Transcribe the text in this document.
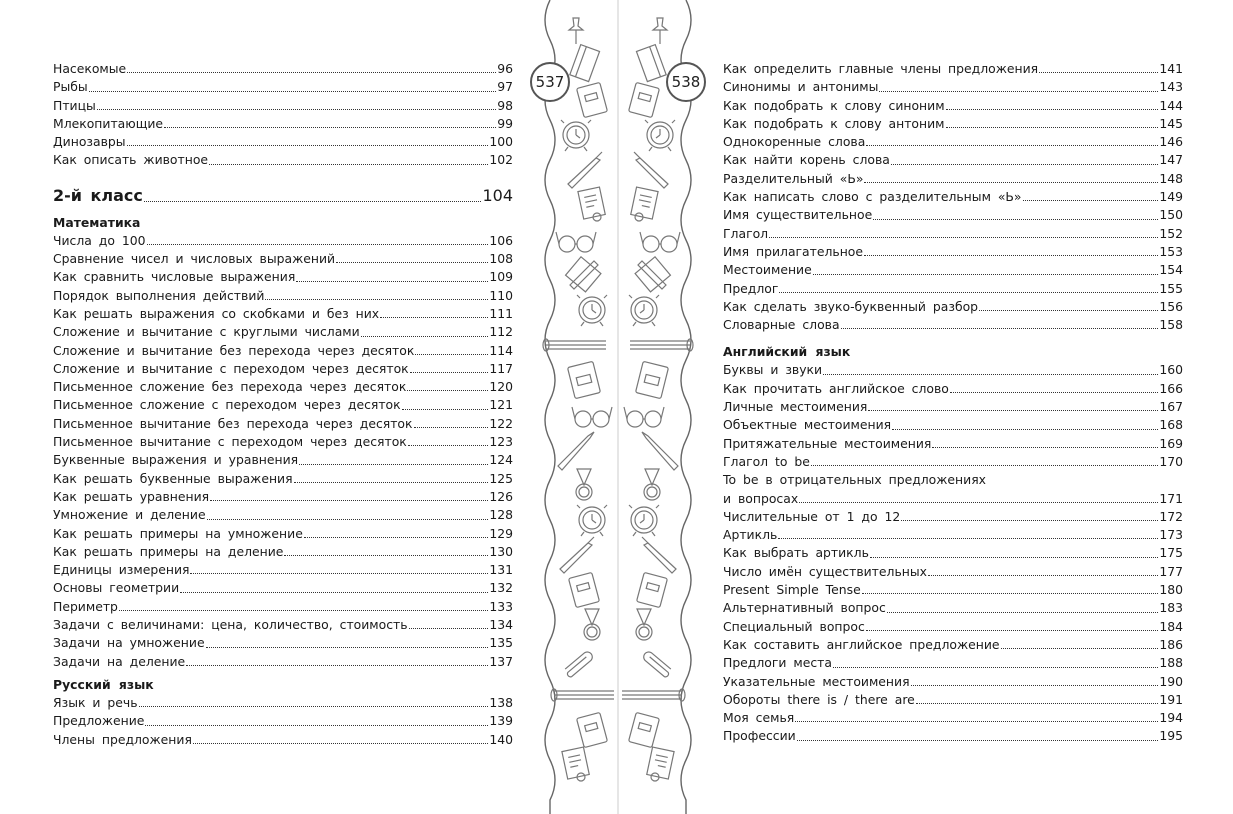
Насекомые	96
Рыбы	97
Птицы	98
Млекопитающие	99
Динозавры	100
Как описать животное	102
2-й класс	104
Математика
Числа до 100	106
Сравнение чисел и числовых выражений	108
Как сравнить числовые выражения	109
Порядок выполнения действий	110
Как решать выражения со скобками и без них	111
Сложение и вычитание с круглыми числами	112
Сложение и вычитание без перехода через десяток	114
Сложение и вычитание с переходом через десяток	117
Письменное сложение без перехода через десяток	120
Письменное сложение с переходом через десяток	121
Письменное вычитание без перехода через десяток	122
Письменное вычитание с переходом через десяток	123
Буквенные выражения и уравнения	124
Как решать буквенные выражения	125
Как решать уравнения	126
Умножение и деление	128
Как решать примеры на умножение	129
Как решать примеры на деление	130
Единицы измерения	131
Основы геометрии	132
Периметр	133
Задачи с величинами: цена, количество, стоимость	134
Задачи на умножение	135
Задачи на деление	137
Русский язык
Язык и речь	138
Предложение	139
Члены предложения	140
Как определить главные члены предложения	141
Синонимы и антонимы	143
Как подобрать к слову синоним	144
Как подобрать к слову антоним	145
Однокоренные слова	146
Как найти корень слова	147
Разделительный «Ь»	148
Как написать слово с разделительным «Ь»	149
Имя существительное	150
Глагол	152
Имя прилагательное	153
Местоимение	154
Предлог	155
Как сделать звуко-буквенный разбор	156
Словарные слова	158
Английский язык
Буквы и звуки	160
Как прочитать английское слово	166
Личные местоимения	167
Объектные местоимения	168
Притяжательные местоимения	169
Глагол to be	170
To be в отрицательных предложениях
и вопросах	171
Числительные от 1 до 12	172
Артикль	173
Как выбрать артикль	175
Число имён существительных	177
Present Simple Tense	180
Альтернативный вопрос	183
Специальный вопрос	184
Как составить английское предложение	186
Предлоги места	188
Указательные местоимения	190
Обороты there is / there are	191
Моя семья	194
Профессии	195
537	538
